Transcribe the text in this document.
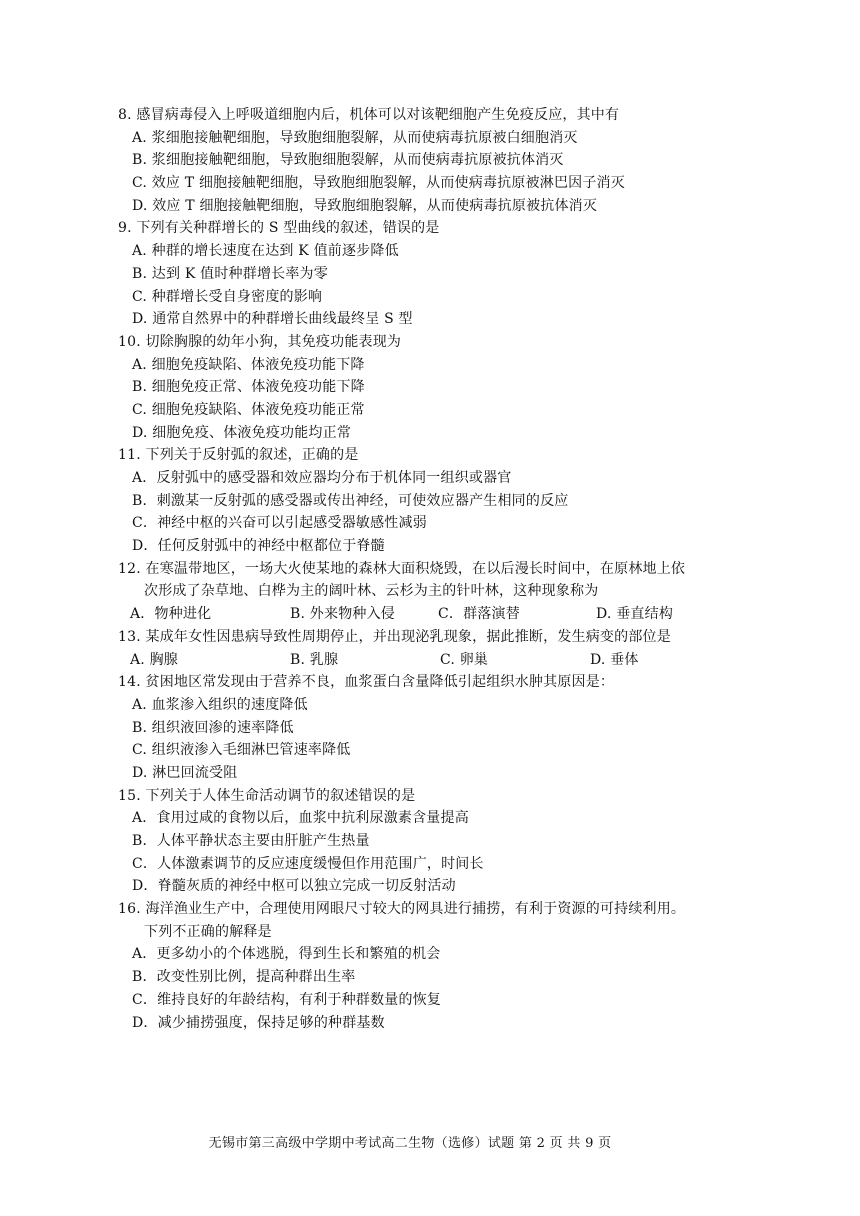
8. 感冒病毒侵入上呼吸道细胞内后，机体可以对该靶细胞产生免疫反应，其中有
A. 浆细胞接触靶细胞，导致胞细胞裂解，从而使病毒抗原被白细胞消灭
B. 浆细胞接触靶细胞，导致胞细胞裂解，从而使病毒抗原被抗体消灭
C. 效应 T 细胞接触靶细胞，导致胞细胞裂解，从而使病毒抗原被淋巴因子消灭
D. 效应 T 细胞接触靶细胞，导致胞细胞裂解，从而使病毒抗原被抗体消灭
9. 下列有关种群增长的 S 型曲线的叙述，错误的是
A. 种群的增长速度在达到 K 值前逐步降低
B. 达到 K 值时种群增长率为零
C. 种群增长受自身密度的影响
D. 通常自然界中的种群增长曲线最终呈 S 型
10. 切除胸腺的幼年小狗，其免疫功能表现为
A. 细胞免疫缺陷、体液免疫功能下降
B. 细胞免疫正常、体液免疫功能下降
C. 细胞免疫缺陷、体液免疫功能正常
D. 细胞免疫、体液免疫功能均正常
11. 下列关于反射弧的叙述，正确的是
A．反射弧中的感受器和效应器均分布于机体同一组织或器官
B．刺激某一反射弧的感受器或传出神经，可使效应器产生相同的反应
C．神经中枢的兴奋可以引起感受器敏感性减弱
D．任何反射弧中的神经中枢都位于脊髓
12. 在寒温带地区，一场大火使某地的森林大面积烧毁，在以后漫长时间中，在原林地上依
次形成了杂草地、白桦为主的阔叶林、云杉为主的针叶林，这种现象称为
A．物种进化	B. 外来物种入侵	C．群落演替	D. 垂直结构
13. 某成年女性因患病导致性周期停止，并出现泌乳现象，据此推断，发生病变的部位是
A. 胸腺	B. 乳腺	C. 卵巢	D. 垂体
14. 贫困地区常发现由于营养不良，血浆蛋白含量降低引起组织水肿其原因是：
A. 血浆渗入组织的速度降低
B. 组织液回渗的速率降低
C. 组织液渗入毛细淋巴管速率降低
D. 淋巴回流受阻
15. 下列关于人体生命活动调节的叙述错误的是
A．食用过咸的食物以后，血浆中抗利尿激素含量提高
B．人体平静状态主要由肝脏产生热量
C．人体激素调节的反应速度缓慢但作用范围广，时间长
D．脊髓灰质的神经中枢可以独立完成一切反射活动
16. 海洋渔业生产中，合理使用网眼尺寸较大的网具进行捕捞，有利于资源的可持续利用。
下列不正确的解释是
A．更多幼小的个体逃脱，得到生长和繁殖的机会
B．改变性别比例，提高种群出生率
C．维持良好的年龄结构，有利于种群数量的恢复
D．减少捕捞强度，保持足够的种群基数
无锡市第三高级中学期中考试高二生物（选修）试题 第 2 页 共 9 页
